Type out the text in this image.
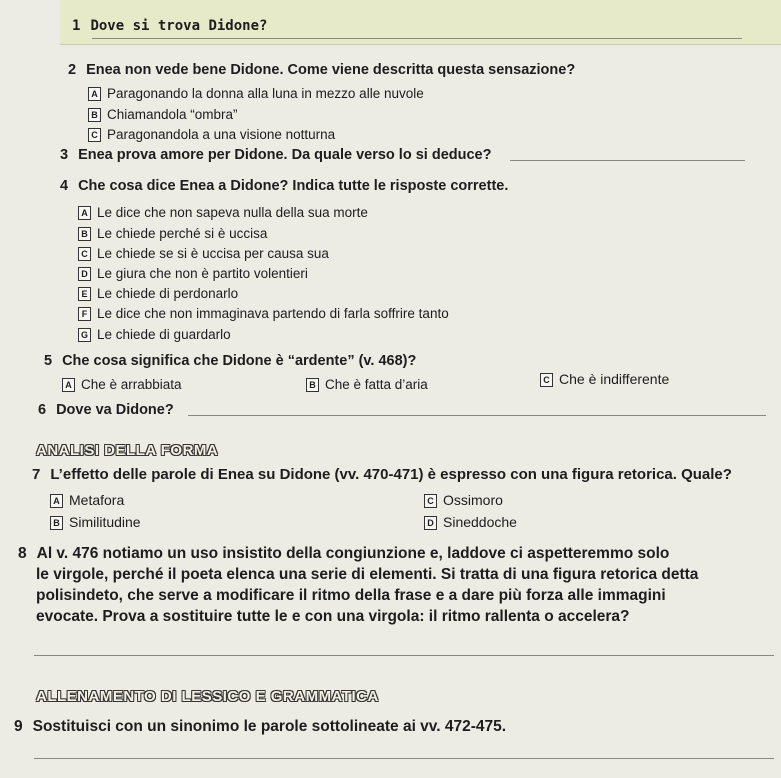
1 Dove si trova Didone?
2 Enea non vede bene Didone. Come viene descritta questa sensazione?
A Paragonando la donna alla luna in mezzo alle nuvole
B Chiamandola “ombra”
C Paragonandola a una visione notturna
3 Enea prova amore per Didone. Da quale verso lo si deduce?
4 Che cosa dice Enea a Didone? Indica tutte le risposte corrette.
A Le dice che non sapeva nulla della sua morte
B Le chiede perché si è uccisa
C Le chiede se si è uccisa per causa sua
D Le giura che non è partito volentieri
E Le chiede di perdonarlo
F Le dice che non immaginava partendo di farla soffrire tanto
G Le chiede di guardarlo
5 Che cosa significa che Didone è “ardente” (v. 468)?
A Che è arrabbiata	B Che è fatta d’aria	C Che è indifferente
6 Dove va Didone?
ANALISI DELLA FORMA
7 L’effetto delle parole di Enea su Didone (vv. 470-471) è espresso con una figura retorica. Quale?
A Metafora
B Similitudine
C Ossimoro
D Sineddoche
8 Al v. 476 notiamo un uso insistito della congiunzione e, laddove ci aspetteremmo solo
le virgole, perché il poeta elenca una serie di elementi. Si tratta di una figura retorica detta
polisindeto, che serve a modificare il ritmo della frase e a dare più forza alle immagini
evocate. Prova a sostituire tutte le e con una virgola: il ritmo rallenta o accelera?
ALLENAMENTO DI LESSICO E GRAMMATICA
9 Sostituisci con un sinonimo le parole sottolineate ai vv. 472-475.
